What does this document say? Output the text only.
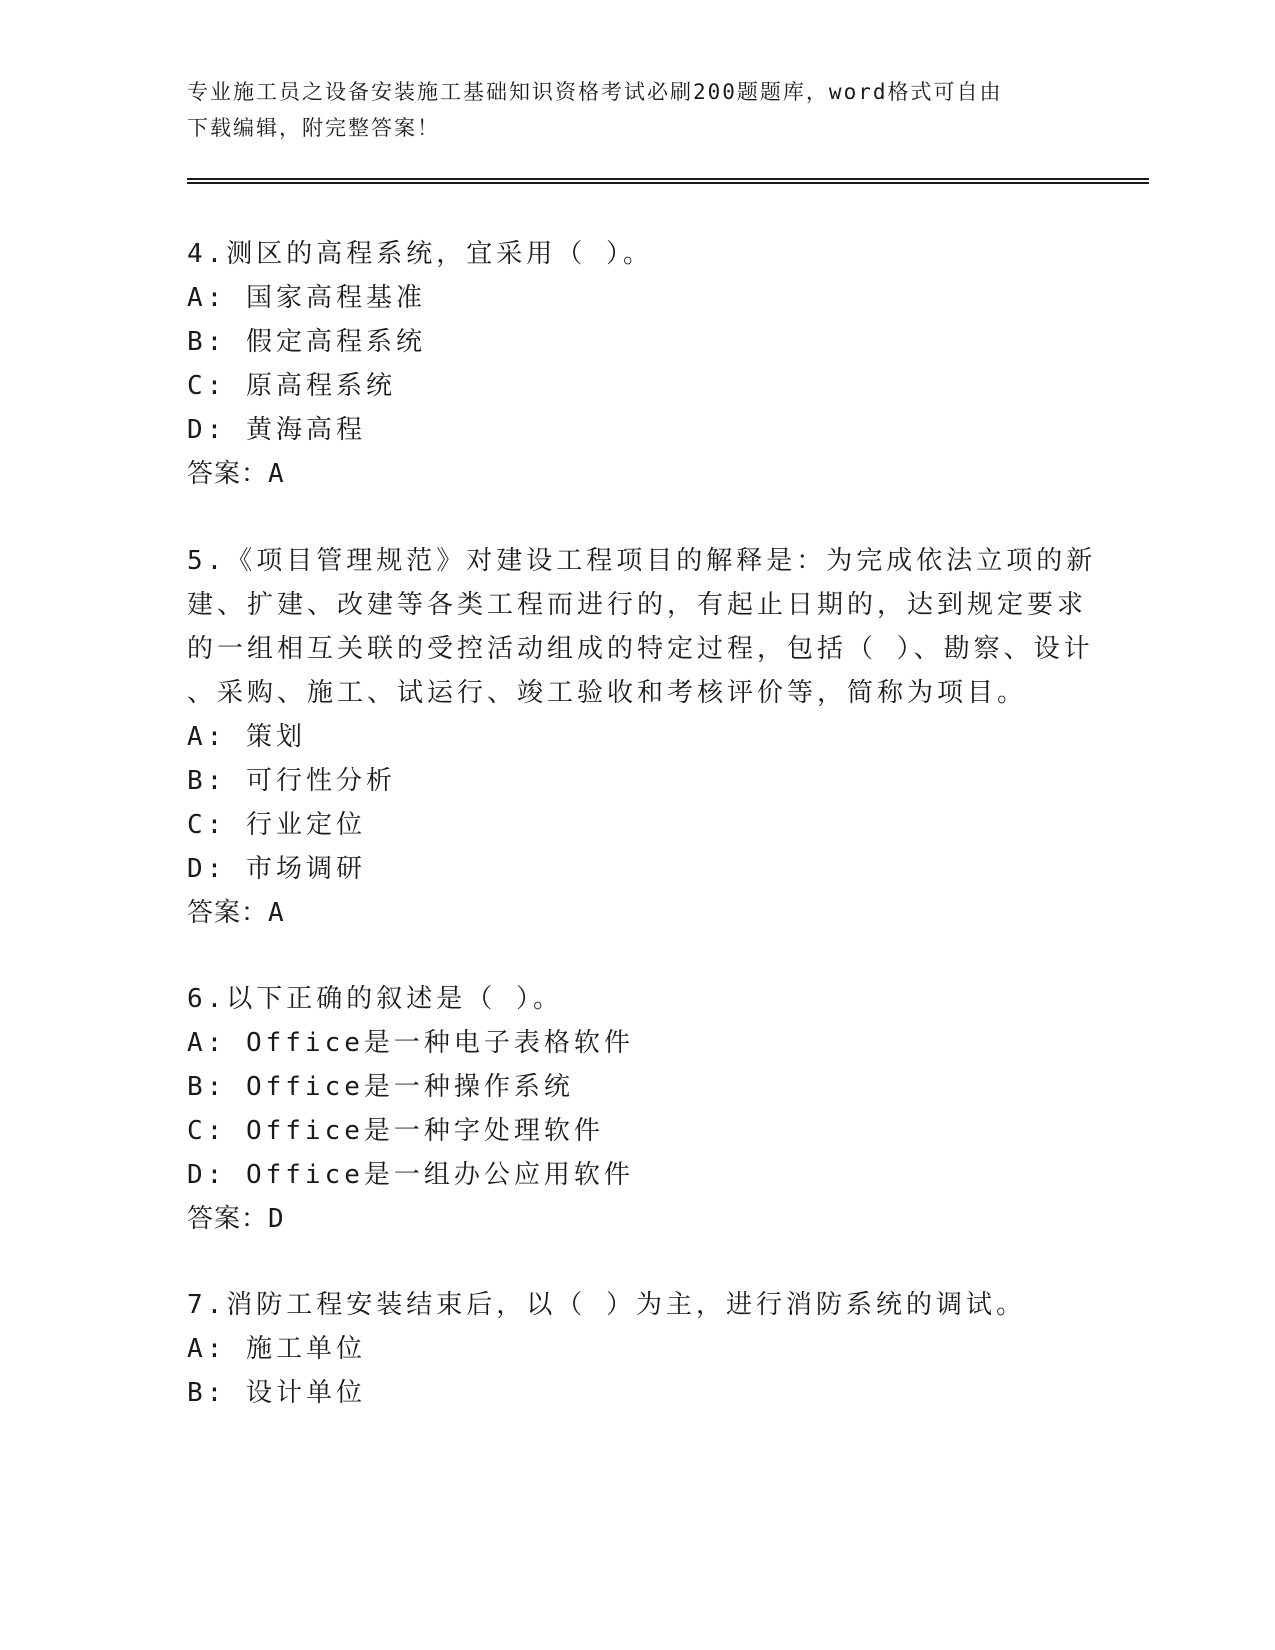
专业施工员之设备安装施工基础知识资格考试必刷200题题库，word格式可自由
下载编辑，附完整答案！
4.测区的高程系统，宜采用（ ）。
A: 国家高程基准
B: 假定高程系统
C: 原高程系统
D: 黄海高程
答案：A
5.《项目管理规范》对建设工程项目的解释是：为完成依法立项的新
建、扩建、改建等各类工程而进行的，有起止日期的，达到规定要求
的一组相互关联的受控活动组成的特定过程，包括（ ）、勘察、设计
、采购、施工、试运行、竣工验收和考核评价等，简称为项目。
A: 策划
B: 可行性分析
C: 行业定位
D: 市场调研
答案：A
6.以下正确的叙述是（ ）。
A: Office是一种电子表格软件
B: Office是一种操作系统
C: Office是一种字处理软件
D: Office是一组办公应用软件
答案：D
7.消防工程安装结束后，以（ ）为主，进行消防系统的调试。
A: 施工单位
B: 设计单位
